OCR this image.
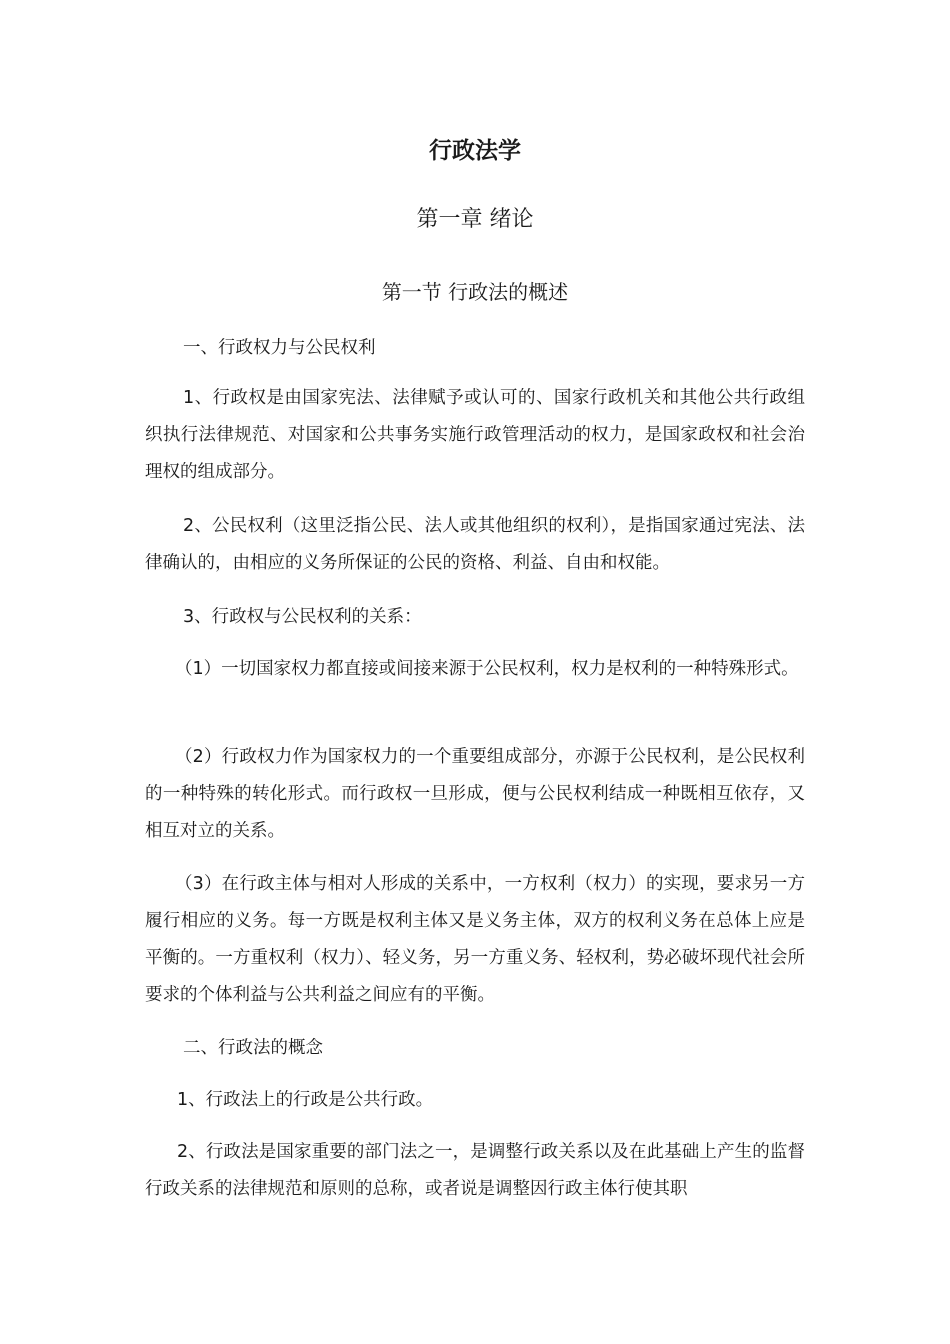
行政法学
第一章 绪论
第一节 行政法的概述

一、行政权力与公民权利

1、行政权是由国家宪法、法律赋予或认可的、国家行政机关和其他公共行政组织执行法律规范、对国家和公共事务实施行政管理活动的权力，是国家政权和社会治理权的组成部分。

2、公民权利（这里泛指公民、法人或其他组织的权利），是指国家通过宪法、法律确认的，由相应的义务所保证的公民的资格、利益、自由和权能。

3、行政权与公民权利的关系：

（1）一切国家权力都直接或间接来源于公民权利，权力是权利的一种特殊形式。

（2）行政权力作为国家权力的一个重要组成部分，亦源于公民权利，是公民权利的一种特殊的转化形式。而行政权一旦形成，便与公民权利结成一种既相互依存，又相互对立的关系。

（3）在行政主体与相对人形成的关系中，一方权利（权力）的实现，要求另一方履行相应的义务。每一方既是权利主体又是义务主体，双方的权利义务在总体上应是平衡的。一方重权利（权力）、轻义务，另一方重义务、轻权利，势必破坏现代社会所要求的个体利益与公共利益之间应有的平衡。

二、行政法的概念

1、行政法上的行政是公共行政。

2、行政法是国家重要的部门法之一，是调整行政关系以及在此基础上产生的监督行政关系的法律规范和原则的总称，或者说是调整因行政主体行使其职
